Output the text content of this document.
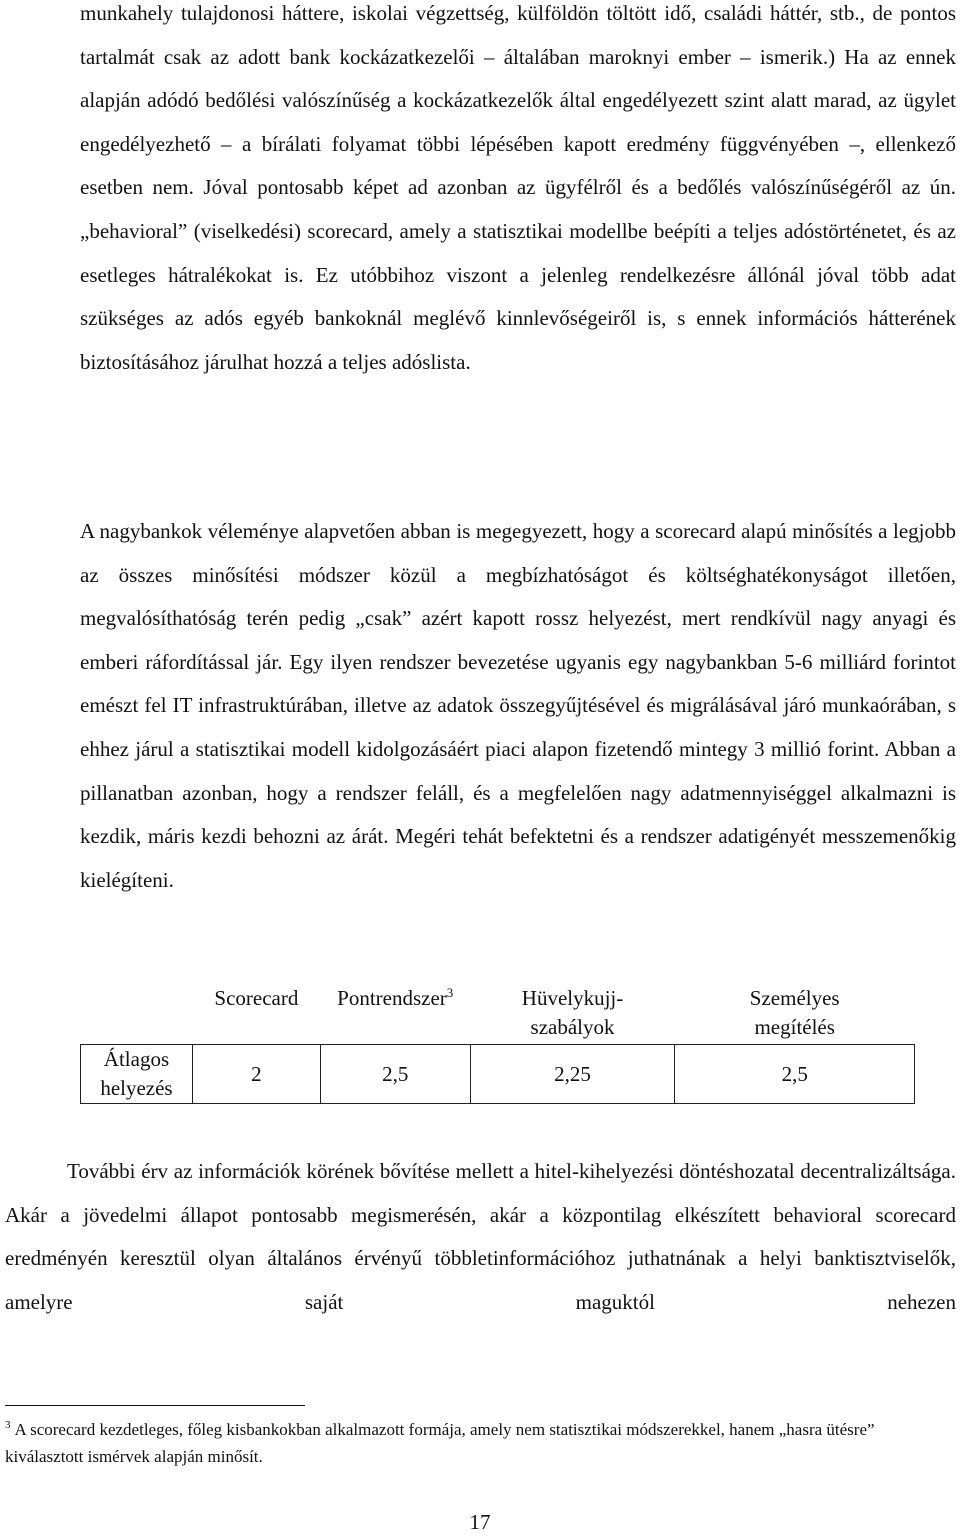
munkahely tulajdonosi háttere, iskolai végzettség, külföldön töltött idő, családi háttér, stb., de pontos tartalmát csak az adott bank kockázatkezelői – általában maroknyi ember – ismerik.) Ha az ennek alapján adódó bedőlési valószínűség a kockázatkezelők által engedélyezett szint alatt marad, az ügylet engedélyezhető – a bírálati folyamat többi lépésében kapott eredmény függvényében –, ellenkező esetben nem. Jóval pontosabb képet ad azonban az ügyfélről és a bedőlés valószínűségéről az ún. „behavioral” (viselkedési) scorecard, amely a statisztikai modellbe beépíti a teljes adóstörténetet, és az esetleges hátralékokat is. Ez utóbbihoz viszont a jelenleg rendelkezésre állónál jóval több adat szükséges az adós egyéb bankoknál meglévő kinnlevőségeiről is, s ennek információs hátterének biztosításához járulhat hozzá a teljes adóslista.
A nagybankok véleménye alapvetően abban is megegyezett, hogy a scorecard alapú minősítés a legjobb az összes minősítési módszer közül a megbízhatóságot és költséghatékonyságot illetően, megvalósíthatóság terén pedig „csak” azért kapott rossz helyezést, mert rendkívül nagy anyagi és emberi ráfordítással jár. Egy ilyen rendszer bevezetése ugyanis egy nagybankban 5-6 milliárd forintot emészt fel IT infrastruktúrában, illetve az adatok összegyűjtésével és migrálásával járó munkaórában, s ehhez járul a statisztikai modell kidolgozásáért piaci alapon fizetendő mintegy 3 millió forint. Abban a pillanatban azonban, hogy a rendszer feláll, és a megfelelően nagy adatmennyiséggel alkalmazni is kezdik, máris kezdi behozni az árát. Megéri tehát befektetni és a rendszer adatigényét messzemenőkig kielégíteni.
	Scorecard	Pontrendszer$^3$	Hüvelykujj-szabályok	Személyes megítélés

Átlagos helyezés	2	2,5	2,25	2,5
További érv az információk körének bővítése mellett a hitel-kihelyezési döntéshozatal decentralizáltsága. Akár a jövedelmi állapot pontosabb megismerésén, akár a központilag elkészített behavioral scorecard eredményén keresztül olyan általános érvényű többletinformációhoz juthatnának a helyi banktisztviselők, amelyre saját maguktól nehezen
$^3$ A scorecard kezdetleges, főleg kisbankokban alkalmazott formája, amely nem statisztikai módszerekkel, hanem „hasra ütésre” kiválasztott ismérvek alapján minősít.
17
